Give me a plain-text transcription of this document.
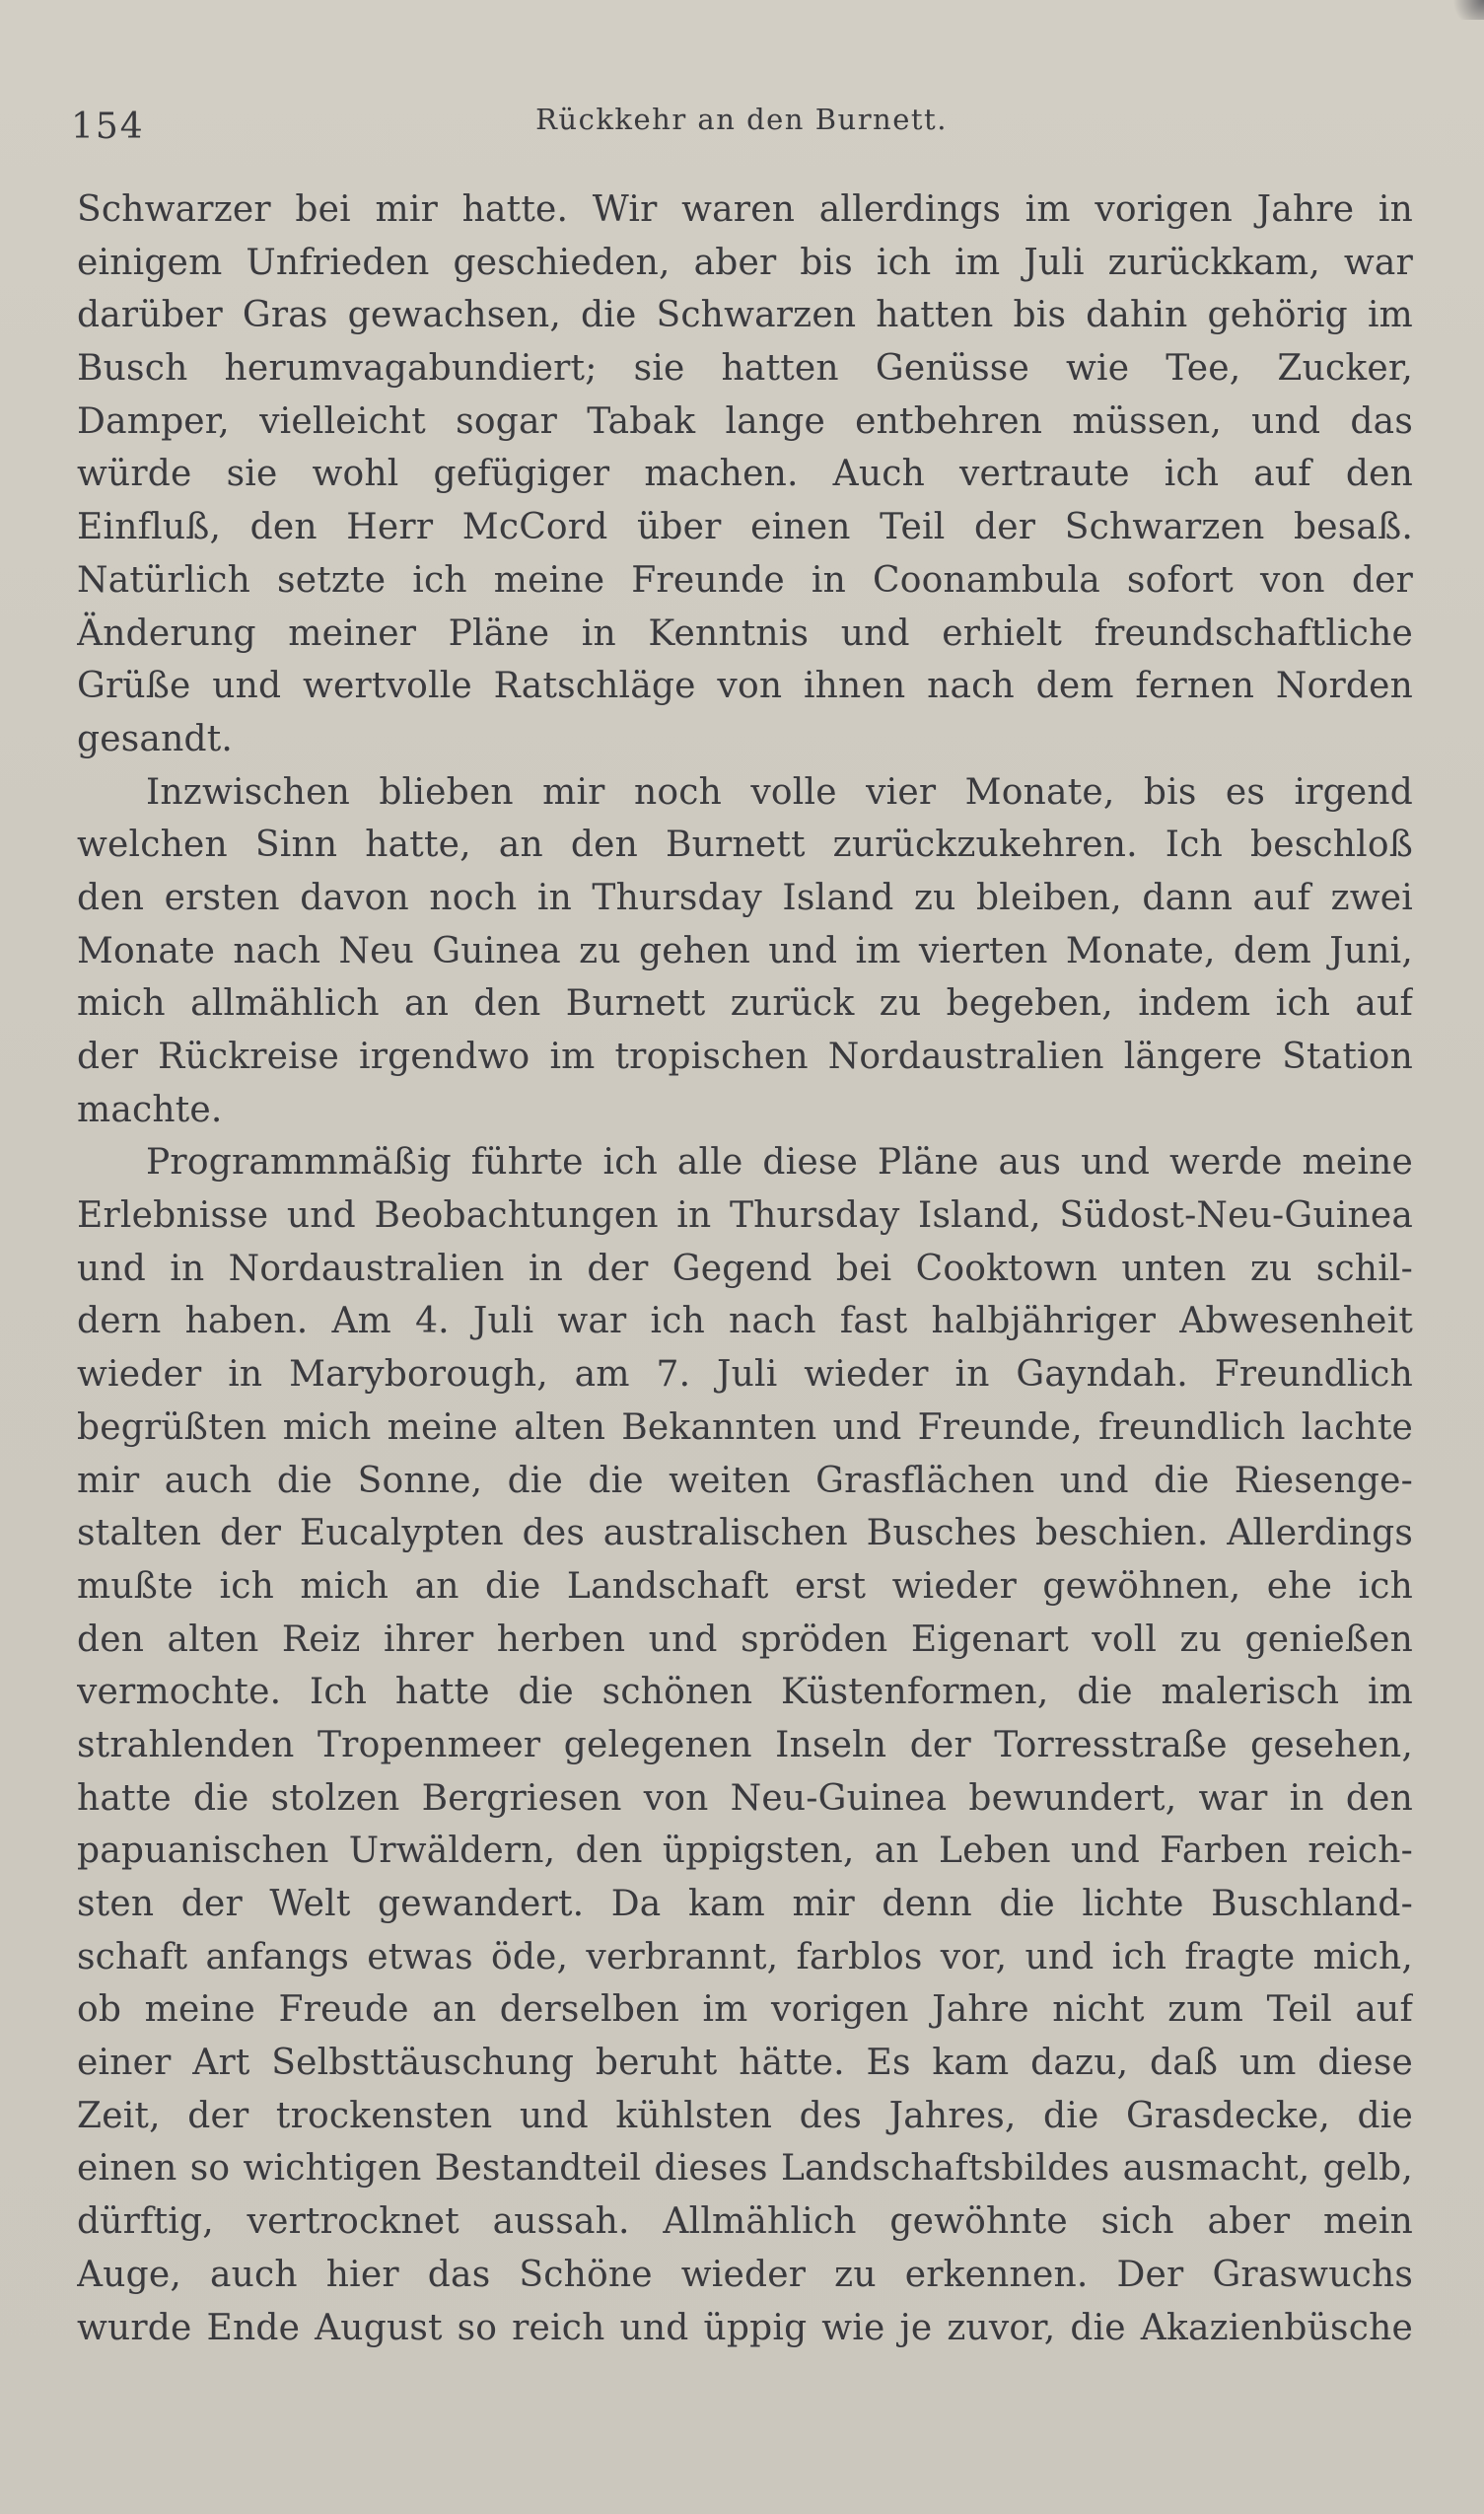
154	Rückkehr an den Burnett.
Schwarzer bei mir hatte. Wir waren allerdings im vorigen Jahre in
einigem Unfrieden geschieden, aber bis ich im Juli zurückkam, war
darüber Gras gewachsen, die Schwarzen hatten bis dahin gehörig im
Busch herumvagabundiert; sie hatten Genüsse wie Tee, Zucker,
Damper, vielleicht sogar Tabak lange entbehren müssen, und das
würde sie wohl gefügiger machen. Auch vertraute ich auf den
Einfluß, den Herr McCord über einen Teil der Schwarzen besaß.
Natürlich setzte ich meine Freunde in Coonambula sofort von der
Änderung meiner Pläne in Kenntnis und erhielt freundschaftliche
Grüße und wertvolle Ratschläge von ihnen nach dem fernen Norden
gesandt.
Inzwischen blieben mir noch volle vier Monate, bis es irgend
welchen Sinn hatte, an den Burnett zurückzukehren. Ich beschloß
den ersten davon noch in Thursday Island zu bleiben, dann auf zwei
Monate nach Neu Guinea zu gehen und im vierten Monate, dem Juni,
mich allmählich an den Burnett zurück zu begeben, indem ich auf
der Rückreise irgendwo im tropischen Nordaustralien längere Station
machte.
Programmmäßig führte ich alle diese Pläne aus und werde meine
Erlebnisse und Beobachtungen in Thursday Island, Südost-Neu-Guinea
und in Nordaustralien in der Gegend bei Cooktown unten zu schil-
dern haben. Am 4. Juli war ich nach fast halbjähriger Abwesenheit
wieder in Maryborough, am 7. Juli wieder in Gayndah. Freundlich
begrüßten mich meine alten Bekannten und Freunde, freundlich lachte
mir auch die Sonne, die die weiten Grasflächen und die Riesenge-
stalten der Eucalypten des australischen Busches beschien. Allerdings
mußte ich mich an die Landschaft erst wieder gewöhnen, ehe ich
den alten Reiz ihrer herben und spröden Eigenart voll zu genießen
vermochte. Ich hatte die schönen Küstenformen, die malerisch im
strahlenden Tropenmeer gelegenen Inseln der Torresstraße gesehen,
hatte die stolzen Bergriesen von Neu-Guinea bewundert, war in den
papuanischen Urwäldern, den üppigsten, an Leben und Farben reich-
sten der Welt gewandert. Da kam mir denn die lichte Buschland-
schaft anfangs etwas öde, verbrannt, farblos vor, und ich fragte mich,
ob meine Freude an derselben im vorigen Jahre nicht zum Teil auf
einer Art Selbsttäuschung beruht hätte. Es kam dazu, daß um diese
Zeit, der trockensten und kühlsten des Jahres, die Grasdecke, die
einen so wichtigen Bestandteil dieses Landschaftsbildes ausmacht, gelb,
dürftig, vertrocknet aussah. Allmählich gewöhnte sich aber mein
Auge, auch hier das Schöne wieder zu erkennen. Der Graswuchs
wurde Ende August so reich und üppig wie je zuvor, die Akazienbüsche
